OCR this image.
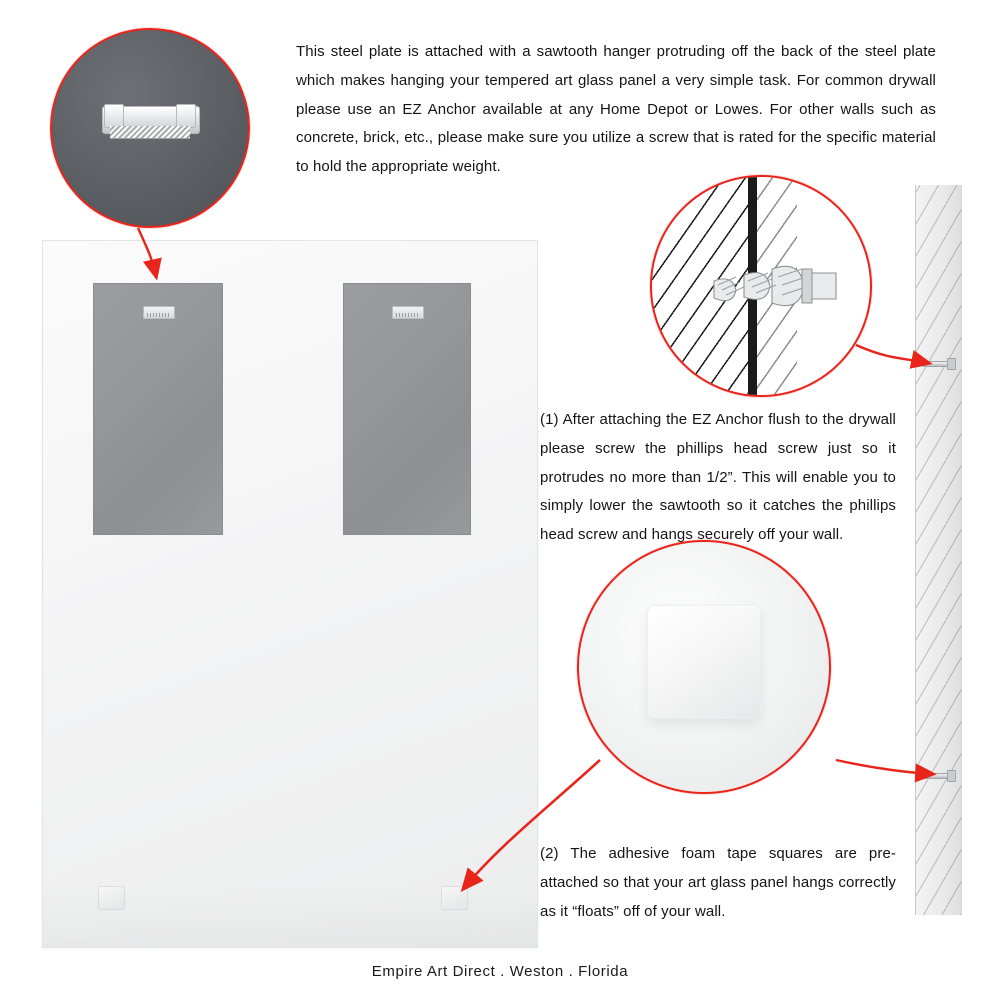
This steel plate is attached with a sawtooth hanger protruding off the back of the steel plate which makes hanging your tempered art glass panel a very simple task. For common drywall please use an EZ Anchor available at any Home Depot or Lowes. For other walls such as concrete, brick, etc., please make sure you utilize a screw that is rated for the specific material to hold the appropriate weight.
(1) After attaching the EZ Anchor flush to the drywall please screw the phillips head screw just so it protrudes no more than 1/2”. This will enable you to simply lower the sawtooth so it catches the phillips head screw and hangs securely off your wall.
(2) The adhesive foam tape squares are pre-attached so that your art glass panel hangs correctly as it “floats” off of your wall.
Empire Art Direct . Weston . Florida
